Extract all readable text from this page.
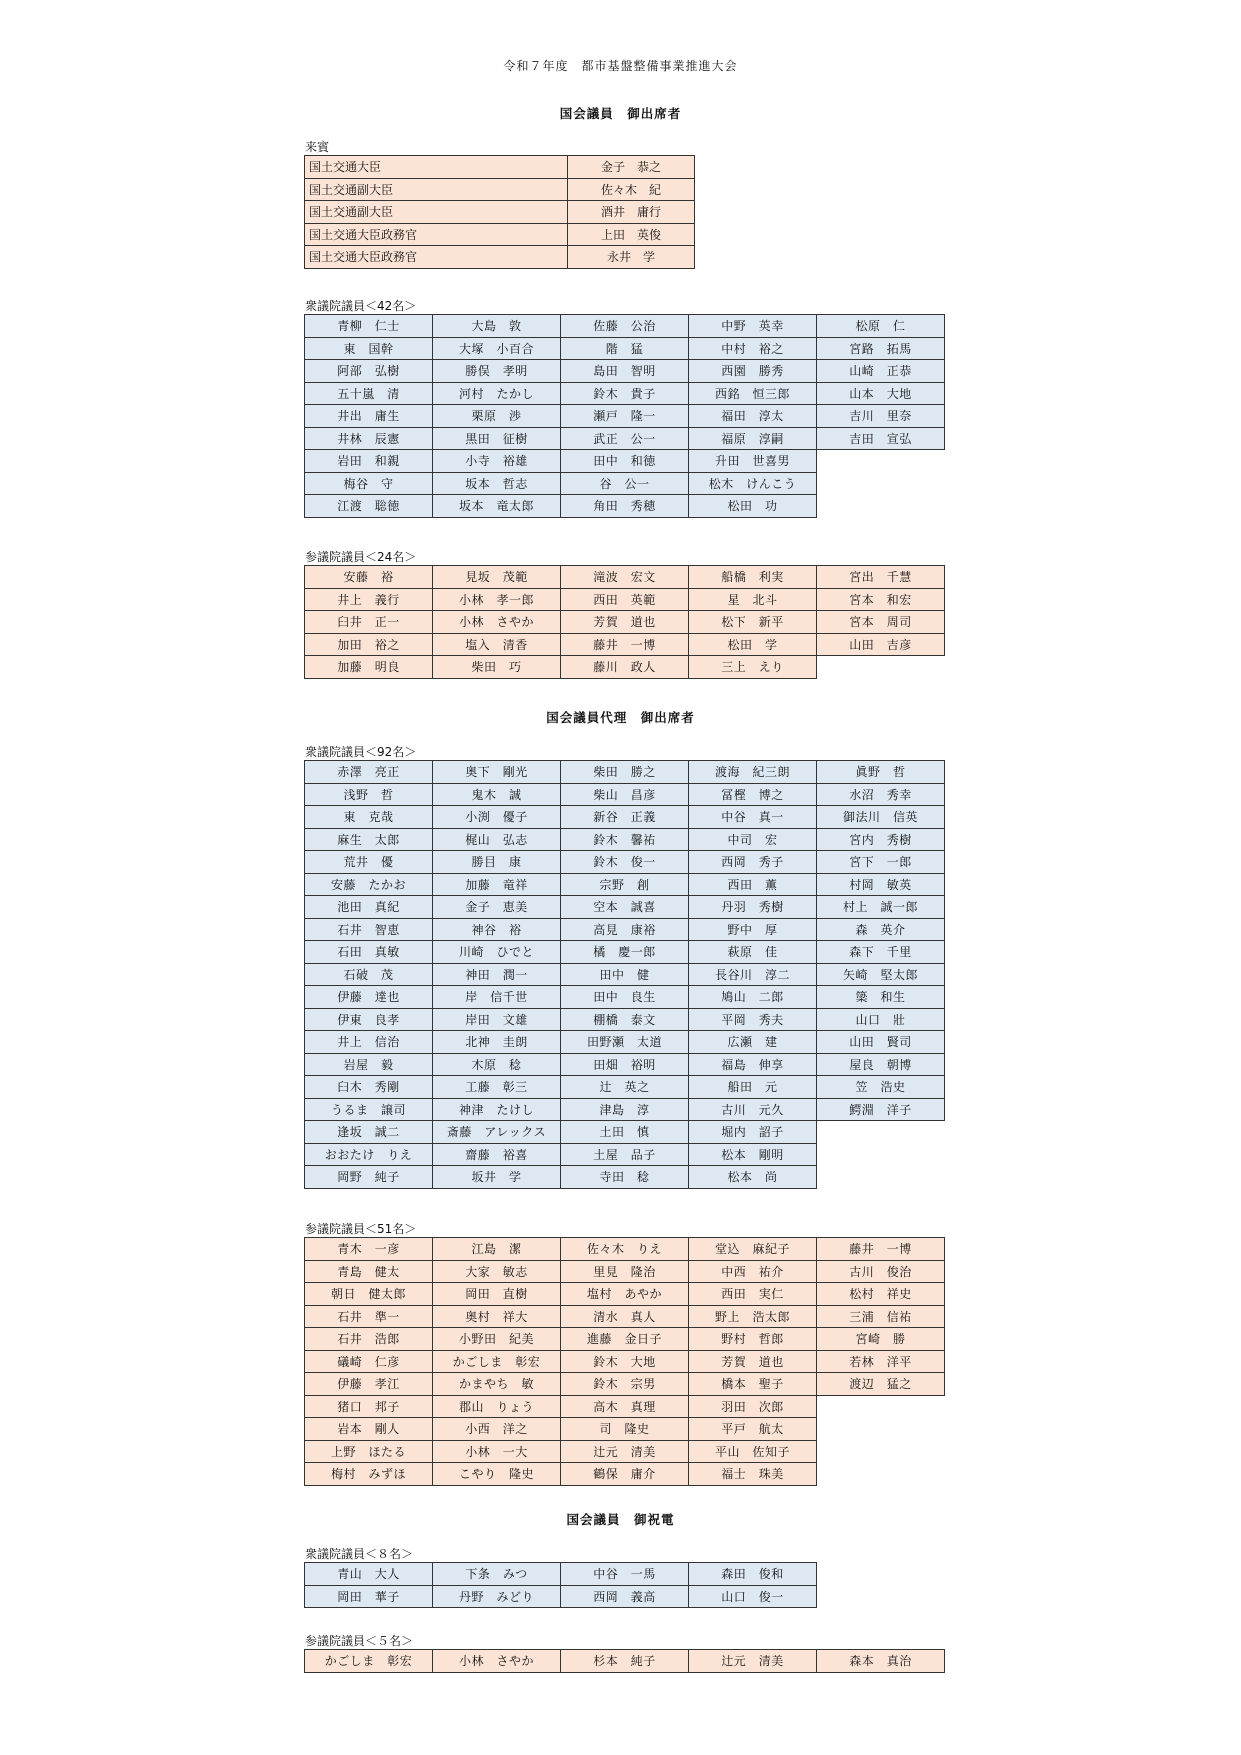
令和７年度　都市基盤整備事業推進大会
国会議員　御出席者
来賓
国土交通大臣	金子　恭之
国土交通副大臣	佐々木　紀
国土交通副大臣	酒井　庸行
国土交通大臣政務官	上田　英俊
国土交通大臣政務官	永井　学
衆議院議員＜42名＞
青柳　仁士	大島　敦	佐藤　公治	中野　英幸	松原　仁
東　国幹	大塚　小百合	階　猛	中村　裕之	宮路　拓馬
阿部　弘樹	勝俣　孝明	島田　智明	西園　勝秀	山崎　正恭
五十嵐　清	河村　たかし	鈴木　貴子	西銘　恒三郎	山本　大地
井出　庸生	栗原　渉	瀬戸　隆一	福田　淳太	吉川　里奈
井林　辰憲	黒田　征樹	武正　公一	福原　淳嗣	吉田　宣弘
岩田　和親	小寺　裕雄	田中　和徳	升田　世喜男	
梅谷　守	坂本　哲志	谷　公一	松木　けんこう	
江渡　聡徳	坂本　竜太郎	角田　秀穂	松田　功	
参議院議員＜24名＞
安藤　裕	見坂　茂範	滝波　宏文	船橋　利実	宮出　千慧
井上　義行	小林　孝一郎	西田　英範	星　北斗	宮本　和宏
臼井　正一	小林　さやか	芳賀　道也	松下　新平	宮本　周司
加田　裕之	塩入　清香	藤井　一博	松田　学	山田　吉彦
加藤　明良	柴田　巧	藤川　政人	三上　えり	
国会議員代理　御出席者
衆議院議員＜92名＞
赤澤　亮正	奥下　剛光	柴田　勝之	渡海　紀三朗	眞野　哲
浅野　哲	鬼木　誠	柴山　昌彦	冨樫　博之	水沼　秀幸
東　克哉	小渕　優子	新谷　正義	中谷　真一	御法川　信英
麻生　太郎	梶山　弘志	鈴木　馨祐	中司　宏	宮内　秀樹
荒井　優	勝目　康	鈴木　俊一	西岡　秀子	宮下　一郎
安藤　たかお	加藤　竜祥	宗野　創	西田　薫	村岡　敏英
池田　真紀	金子　恵美	空本　誠喜	丹羽　秀樹	村上　誠一郎
石井　智恵	神谷　裕	高見　康裕	野中　厚	森　英介
石田　真敏	川崎　ひでと	橘　慶一郎	萩原　佳	森下　千里
石破　茂	神田　潤一	田中　健	長谷川　淳二	矢崎　堅太郎
伊藤　達也	岸　信千世	田中　良生	鳩山　二郎	簗　和生
伊東　良孝	岸田　文雄	棚橋　泰文	平岡　秀夫	山口　壯
井上　信治	北神　圭朗	田野瀬　太道	広瀬　建	山田　賢司
岩屋　毅	木原　稔	田畑　裕明	福島　伸享	屋良　朝博
臼木　秀剛	工藤　彰三	辻　英之	船田　元	笠　浩史
うるま　譲司	神津　たけし	津島　淳	古川　元久	鰐淵　洋子
逢坂　誠二	斎藤　アレックス	土田　慎	堀内　詔子	
おおたけ　りえ	齋藤　裕喜	土屋　品子	松本　剛明	
岡野　純子	坂井　学	寺田　稔	松本　尚	
参議院議員＜51名＞
青木　一彦	江島　潔	佐々木　りえ	堂込　麻紀子	藤井　一博
青島　健太	大家　敏志	里見　隆治	中西　祐介	古川　俊治
朝日　健太郎	岡田　直樹	塩村　あやか	西田　実仁	松村　祥史
石井　準一	奥村　祥大	清水　真人	野上　浩太郎	三浦　信祐
石井　浩郎	小野田　紀美	進藤　金日子	野村　哲郎	宮崎　勝
礒崎　仁彦	かごしま　彰宏	鈴木　大地	芳賀　道也	若林　洋平
伊藤　孝江	かまやち　敏	鈴木　宗男	橋本　聖子	渡辺　猛之
猪口　邦子	郡山　りょう	高木　真理	羽田　次郎	
岩本　剛人	小西　洋之	司　隆史	平戸　航太	
上野　ほたる	小林　一大	辻元　清美	平山　佐知子	
梅村　みずほ	こやり　隆史	鶴保　庸介	福士　珠美	
国会議員　御祝電
衆議院議員＜８名＞
青山　大人	下条　みつ	中谷　一馬	森田　俊和
岡田　華子	丹野　みどり	西岡　義高	山口　俊一
参議院議員＜５名＞
かごしま　彰宏	小林　さやか	杉本　純子	辻元　清美	森本　真治
